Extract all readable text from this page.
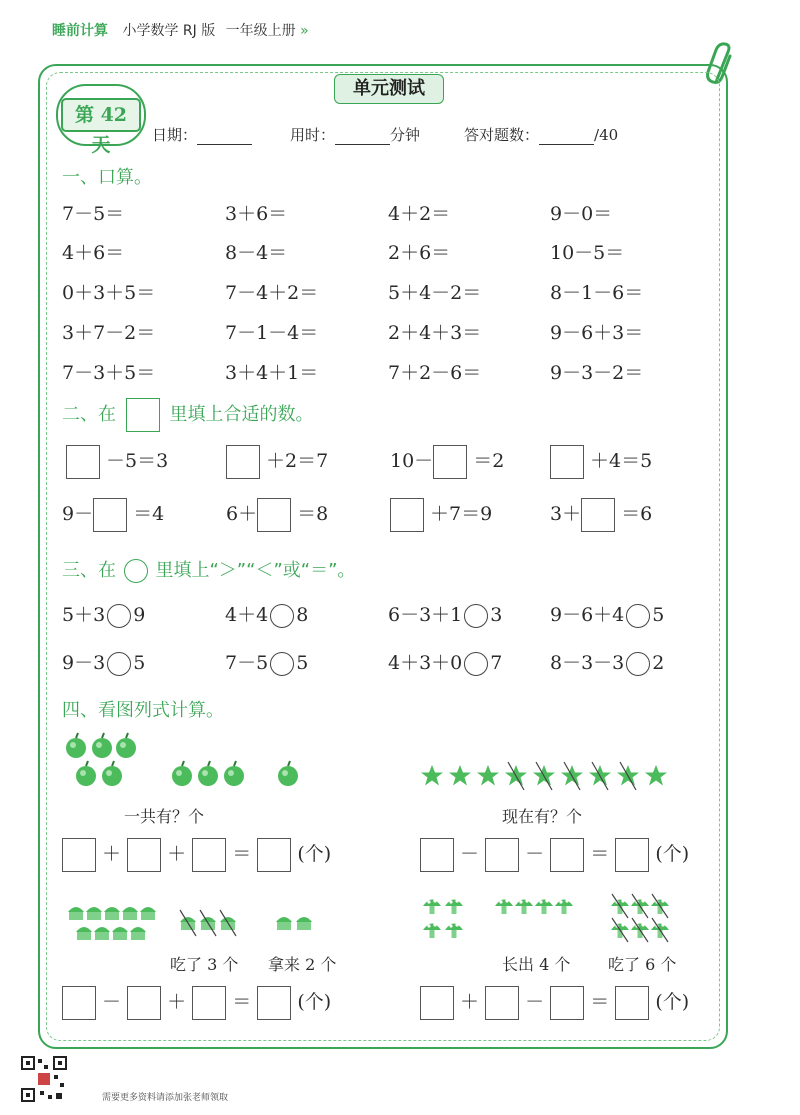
睡前计算 小学数学 RJ 版 一年级上册 »
单元测试
第 42 天	日期：	用时：	分钟	答对题数：	/40
一、口算。
7－5＝	3＋6＝	4＋2＝	9－0＝
4＋6＝	8－4＝	2＋6＝	10－5＝
0＋3＋5＝	7－4＋2＝	5＋4－2＝	8－1－6＝
3＋7－2＝	7－1－4＝	2＋4＋3＝	9－6＋3＝
7－3＋5＝	3＋4＋1＝	7＋2－6＝	9－3－2＝
二、在	里填上合适的数。
－5＝3	＋2＝7	10－ ＝2	＋4＝5
9－ ＝4	6＋ ＝8	＋7＝9	3＋ ＝6
三、在 里填上“＞”“＜”或“＝”。
5＋3 9	4＋4 8	6－3＋1 3	9－6＋4 5
9－3 5	7－5 5	4＋3＋0 7	8－3－3 2
四、看图列式计算。
一共有？个	现在有？个
＋ ＋ ＝ (个)	－ － ＝ (个)
吃了 3 个 拿来 2 个	长出 4 个 吃了 6 个
－ ＋ ＝ (个)	＋ － ＝ (个)
需要更多资料请添加张老师领取
